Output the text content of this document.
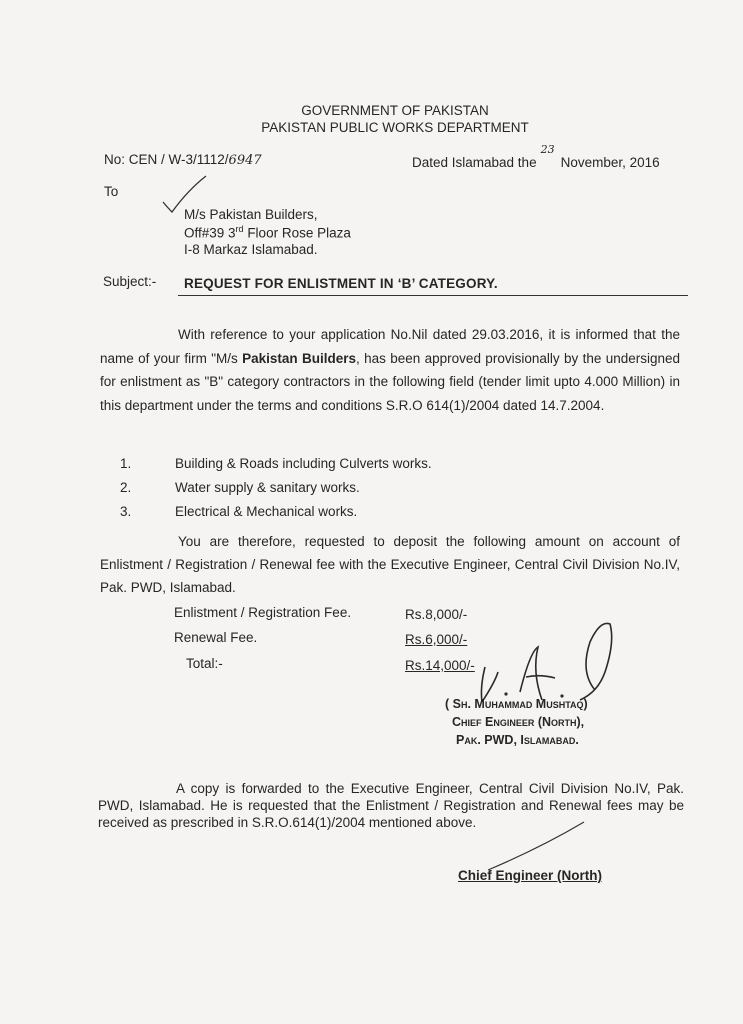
GOVERNMENT OF PAKISTAN
PAKISTAN PUBLIC WORKS DEPARTMENT
No: CEN / W-3/1112/6947	Dated Islamabad the$^{23}$November, 2016
To
M/s Pakistan Builders,
Off#39 3rd Floor Rose Plaza
I-8 Markaz Islamabad.
Subject:- REQUEST FOR ENLISTMENT IN ‘B’ CATEGORY.
With reference to your application No.Nil dated 29.03.2016, it is informed that the name of your firm "M/s Pakistan Builders, has been approved provisionally by the undersigned for enlistment as "B" category contractors in the following field (tender limit upto 4.000 Million) in this department under the terms and conditions S.R.O 614(1)/2004 dated 14.7.2004.
1.	Building & Roads including Culverts works.
2.	Water supply & sanitary works.
3.	Electrical & Mechanical works.
You are therefore, requested to deposit the following amount on account of Enlistment / Registration / Renewal fee with the Executive Engineer, Central Civil Division No.IV, Pak. PWD, Islamabad.
Enlistment / Registration Fee.	Rs.8,000/-
Renewal Fee.	Rs.6,000/-
Total:-	Rs.14,000/-
( Sh. Muhammad Mushtaq)
Chief Engineer (North),
Pak. PWD, Islamabad.
A copy is forwarded to the Executive Engineer, Central Civil Division No.IV, Pak. PWD, Islamabad. He is requested that the Enlistment / Registration and Renewal fees may be received as prescribed in S.R.O.614(1)/2004 mentioned above.
Chief Engineer (North)
